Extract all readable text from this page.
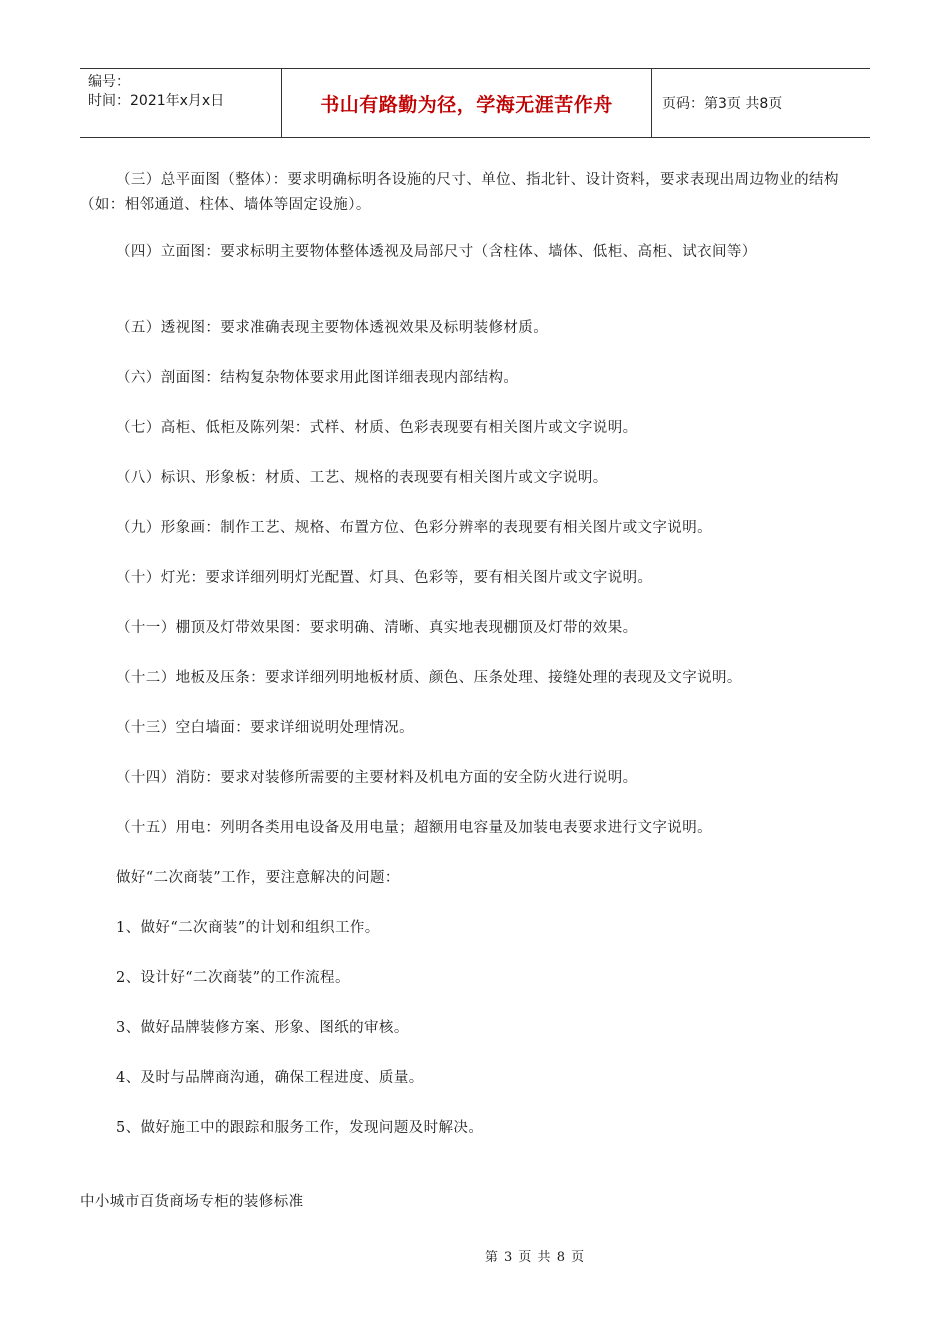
编号：
时间：2021年x月x日	书山有路勤为径，学海无涯苦作舟	页码：第3页 共8页

（三）总平面图（整体）：要求明确标明各设施的尺寸、单位、指北针、设计资料，要求表现出周边物业的结构（如：相邻通道、柱体、墙体等固定设施）。

（四）立面图：要求标明主要物体整体透视及局部尺寸（含柱体、墙体、低柜、高柜、试衣间等）

（五）透视图：要求准确表现主要物体透视效果及标明装修材质。

（六）剖面图：结构复杂物体要求用此图详细表现内部结构。

（七）高柜、低柜及陈列架：式样、材质、色彩表现要有相关图片或文字说明。

（八）标识、形象板：材质、工艺、规格的表现要有相关图片或文字说明。

（九）形象画：制作工艺、规格、布置方位、色彩分辨率的表现要有相关图片或文字说明。

（十）灯光：要求详细列明灯光配置、灯具、色彩等，要有相关图片或文字说明。

（十一）棚顶及灯带效果图：要求明确、清晰、真实地表现棚顶及灯带的效果。

（十二）地板及压条：要求详细列明地板材质、颜色、压条处理、接缝处理的表现及文字说明。

（十三）空白墙面：要求详细说明处理情况。

（十四）消防：要求对装修所需要的主要材料及机电方面的安全防火进行说明。

（十五）用电：列明各类用电设备及用电量；超额用电容量及加装电表要求进行文字说明。

做好“二次商装”工作，要注意解决的问题：

1、做好“二次商装”的计划和组织工作。

2、设计好“二次商装”的工作流程。

3、做好品牌装修方案、形象、图纸的审核。

4、及时与品牌商沟通，确保工程进度、质量。

5、做好施工中的跟踪和服务工作，发现问题及时解决。

中小城市百货商场专柜的装修标准
第 3 页 共 8 页
